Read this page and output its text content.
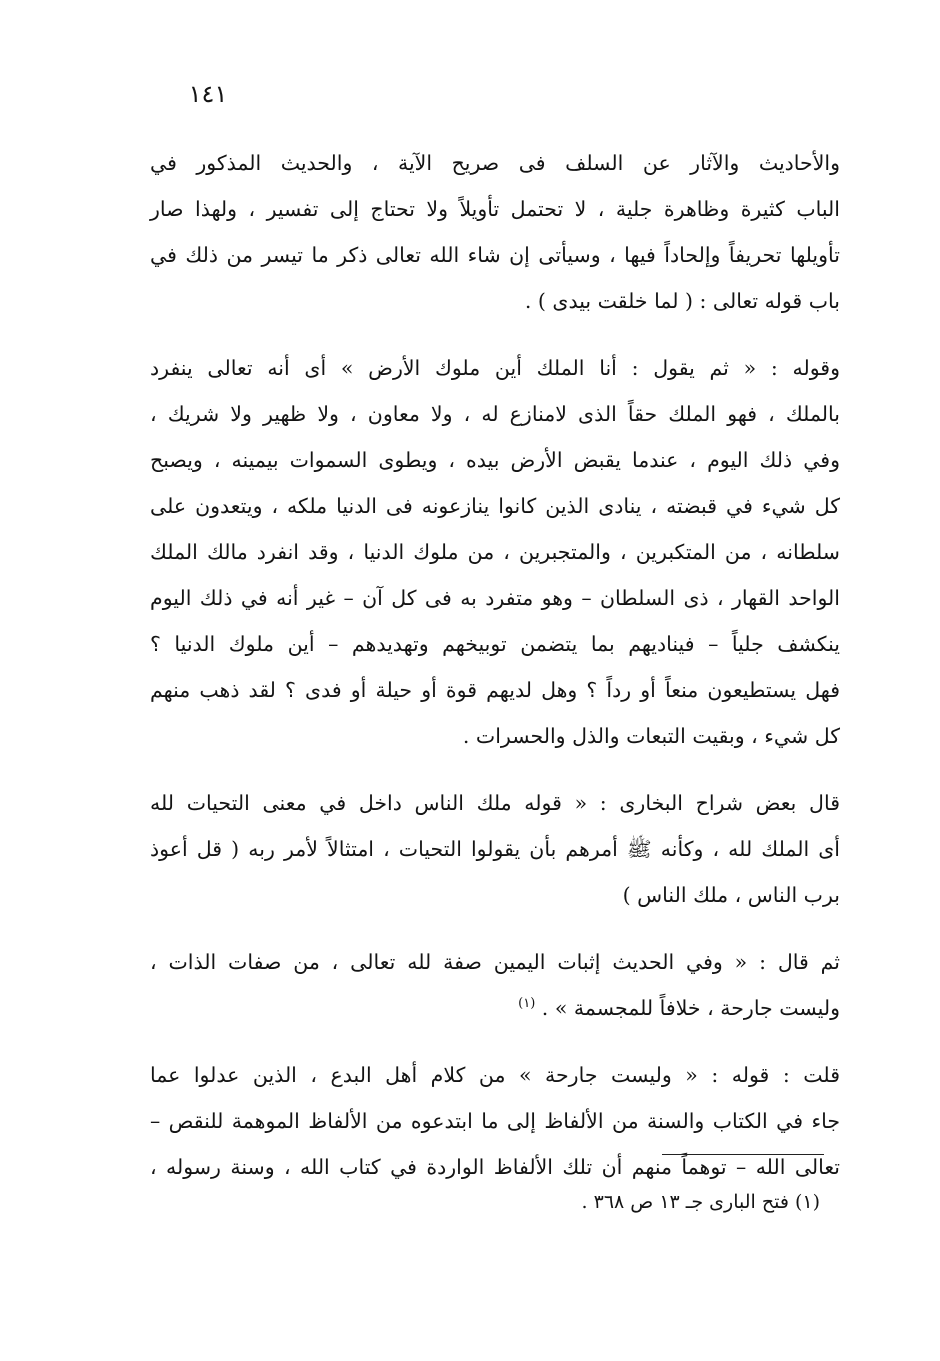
١٤١
والأحاديث والآثار عن السلف فى صريح الآية ، والحديث المذكور في
الباب كثيرة وظاهرة جلية ، لا تحتمل تأويلاً ولا تحتاج إلى تفسير ، ولهذا صار
تأويلها تحريفاً وإلحاداً فيها ، وسيأتى إن شاء الله تعالى ذكر ما تيسر من ذلك في
باب قوله تعالى : ( لما خلقت بيدى ) .
وقوله : « ثم يقول : أنا الملك أين ملوك الأرض » أى أنه تعالى ينفرد
بالملك ، فهو الملك حقاً الذى لامنازع له ، ولا معاون ، ولا ظهير ولا شريك ،
وفي ذلك اليوم ، عندما يقبض الأرض بيده ، ويطوى السموات بيمينه ، ويصبح
كل شيء في قبضته ، ينادى الذين كانوا ينازعونه فى الدنيا ملكه ، ويتعدون على
سلطانه ، من المتكبرين ، والمتجبرين ، من ملوك الدنيا ، وقد انفرد مالك الملك
الواحد القهار ، ذى السلطان – وهو متفرد به فى كل آن – غير أنه في ذلك اليوم
ينكشف جلياً – فيناديهم بما يتضمن توبيخهم وتهديدهم – أين ملوك الدنيا ؟
فهل يستطيعون منعاً أو رداً ؟ وهل لديهم قوة أو حيلة أو فدى ؟ لقد ذهب منهم
كل شيء ، وبقيت التبعات والذل والحسرات .
قال بعض شراح البخارى : « قوله ملك الناس داخل في معنى التحيات لله
أى الملك لله ، وكأنه ﷺ أمرهم بأن يقولوا التحيات ، امتثالاً لأمر ربه ( قل أعوذ
برب الناس ، ملك الناس )
ثم قال : « وفي الحديث إثبات اليمين صفة لله تعالى ، من صفات الذات ،
وليست جارحة ، خلافاً للمجسمة » . $^{(١)}$
قلت : قوله : « وليست جارحة » من كلام أهل البدع ، الذين عدلوا عما
جاء في الكتاب والسنة من الألفاظ إلى ما ابتدعوه من الألفاظ الموهمة للنقص –
تعالى الله – توهماً منهم أن تلك الألفاظ الواردة في كتاب الله ، وسنة رسوله ،
(١) فتح البارى جـ ١٣ ص ٣٦٨ .
